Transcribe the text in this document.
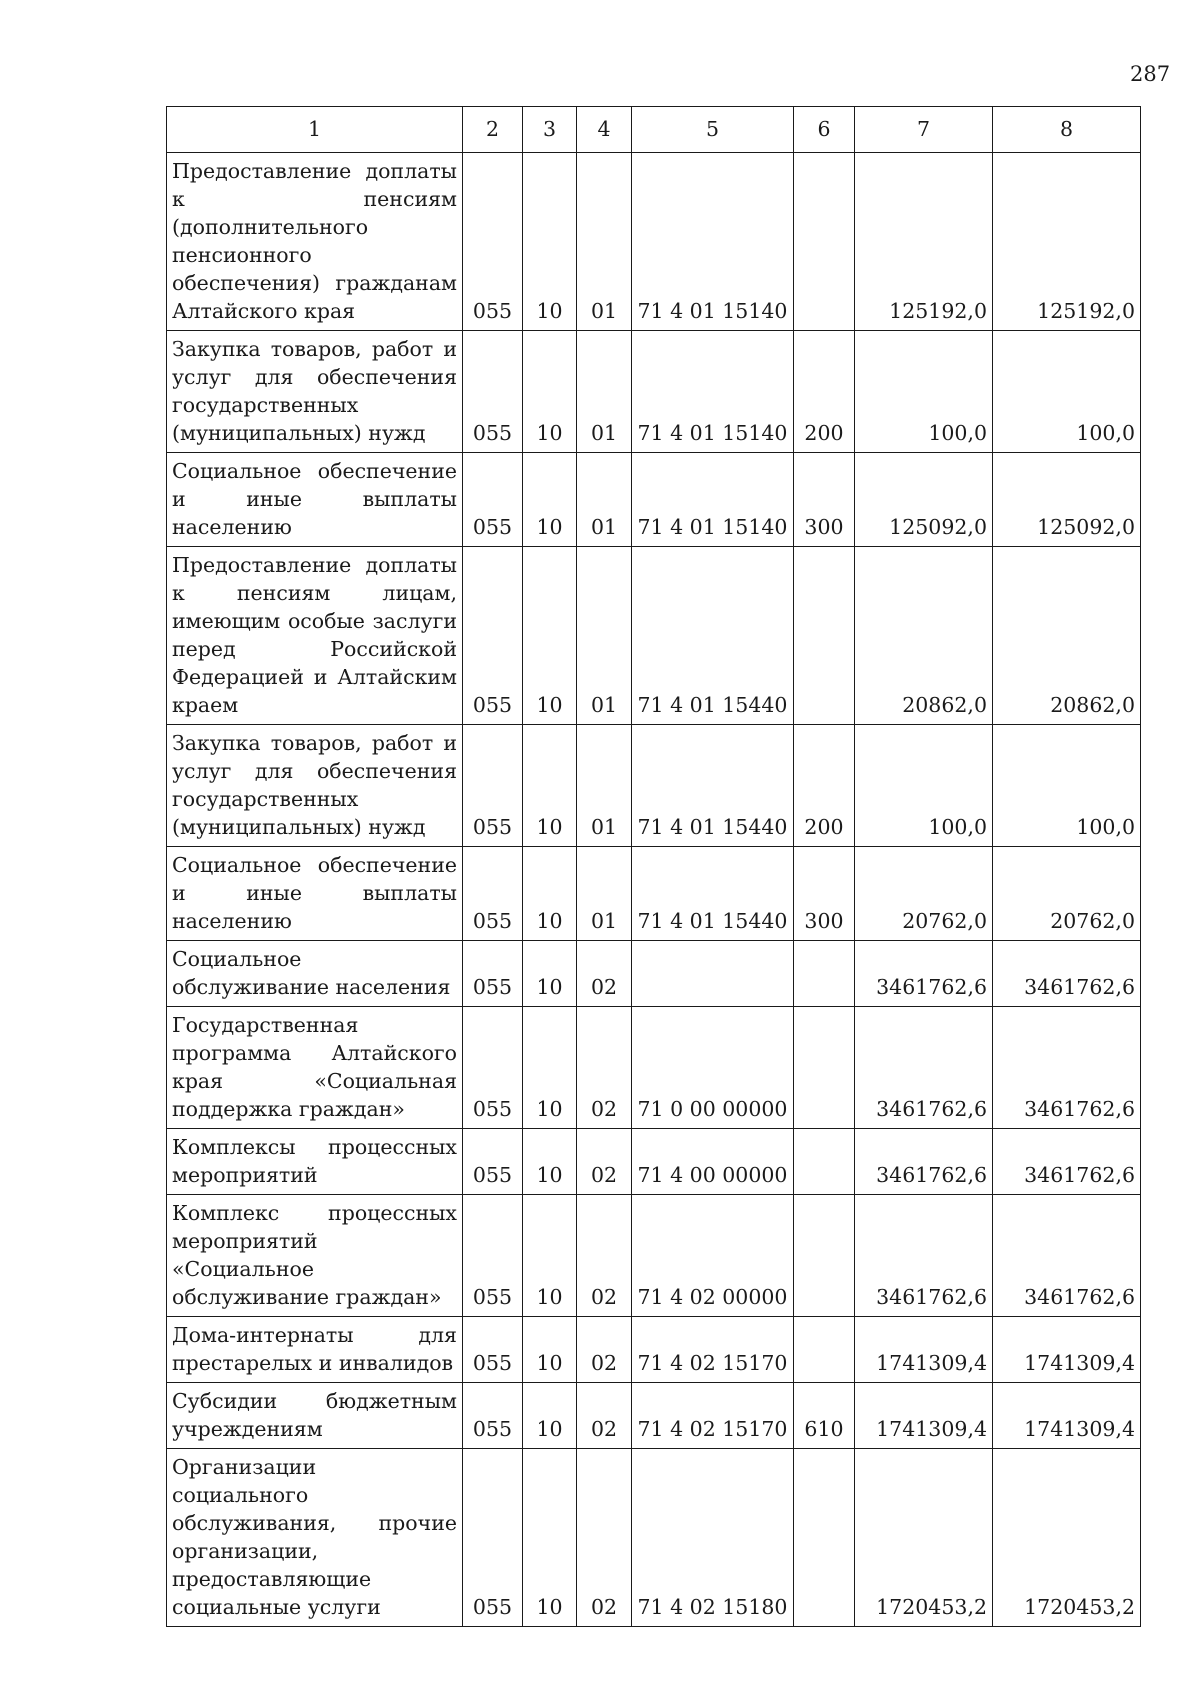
287
1	2	3	4	5	6	7	8
Предоставление доплаты к пенсиям (дополнительного пенсионного обеспечения) гражданам Алтайского края	055	10	01	71 4 01 15140		125192,0	125192,0
Закупка товаров, работ и услуг для обеспечения государственных (муниципальных) нужд	055	10	01	71 4 01 15140	200	100,0	100,0
Социальное обеспечение и иные выплаты населению	055	10	01	71 4 01 15140	300	125092,0	125092,0
Предоставление доплаты к пенсиям лицам, имеющим особые заслуги перед Российской Федерацией и Алтайским краем	055	10	01	71 4 01 15440		20862,0	20862,0
Закупка товаров, работ и услуг для обеспечения государственных (муниципальных) нужд	055	10	01	71 4 01 15440	200	100,0	100,0
Социальное обеспечение и иные выплаты населению	055	10	01	71 4 01 15440	300	20762,0	20762,0
Социальное обслуживание населения	055	10	02			3461762,6	3461762,6
Государственная программа Алтайского края «Социальная поддержка граждан»	055	10	02	71 0 00 00000		3461762,6	3461762,6
Комплексы процессных мероприятий	055	10	02	71 4 00 00000		3461762,6	3461762,6
Комплекс процессных мероприятий «Социальное обслуживание граждан»	055	10	02	71 4 02 00000		3461762,6	3461762,6
Дома-интернаты для престарелых и инвалидов	055	10	02	71 4 02 15170		1741309,4	1741309,4
Субсидии бюджетным учреждениям	055	10	02	71 4 02 15170	610	1741309,4	1741309,4
Организации социального обслуживания, прочие организации, предоставляющие социальные услуги	055	10	02	71 4 02 15180		1720453,2	1720453,2
